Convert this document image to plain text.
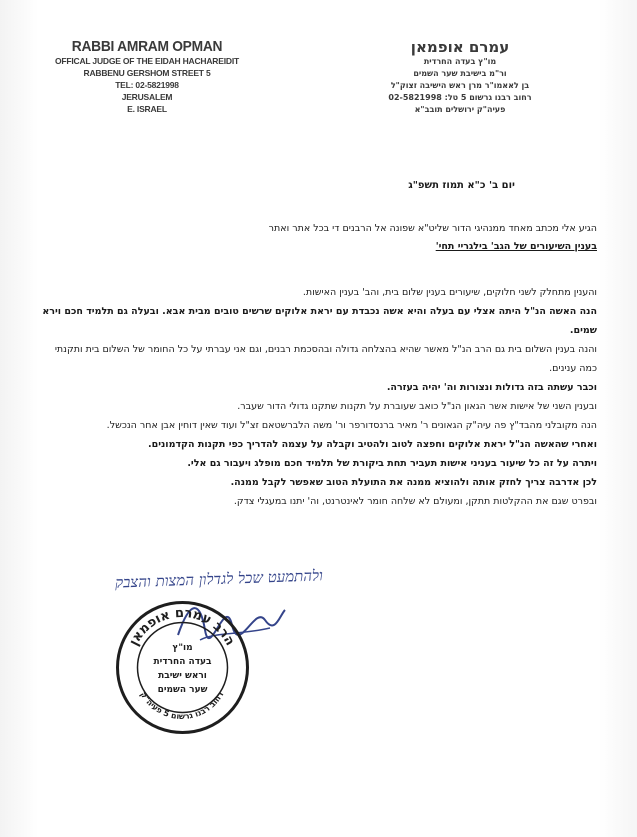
RABBI AMRAM OPMAN
OFFICAL JUDGE OF THE EIDAH HACHAREIDIT
RABBENU GERSHOM STREET 5
TEL: 02-5821998
JERUSALEM
E. ISRAEL
עמרם אופמאן
מו"ץ בעדה החרדית
ור"מ בישיבת שער השמים
בן לאאמו"ר מרן ראש הישיבה זצוק"ל
רחוב רבנו גרשום 5 טל: 02-5821998
פעיה"ק ירושלים תובב"א
יום ב' כ"א תמוז תשפ"ג
הגיע אלי מכתב מאחד ממנהיגי הדור שליט"א שפונה אל הרבנים די בכל אתר ואתר
בענין השיעורים של הגב' בילגריי תחי'

והענין מתחלק לשני חלוקים, שיעורים בענין שלום בית, והב' בענין האישות.

הנה האשה הנ"ל היתה אצלי עם בעלה והיא אשה נכבדת עם יראת אלוקים שרשים טובים מבית אבא. ובעלה גם תלמיד חכם וירא שמים.

והנה בענין השלום בית גם הרב הנ"ל מאשר שהיא בהצלחה גדולה ובהסכמת רבנים, וגם אני עברתי על כל החומר של השלום בית ותקנתי כמה ענינים.

וכבר עשתה בזה גדולות ונצורות וה' יהיה בעזרה.

ובענין השני של אישות אשר הגאון הנ"ל כואב שעוברת על תקנות שתקנו גדולי הדור שעבר.

הנה מקובלני מהבד"ץ פה עיה"ק הגאונים ר' מאיר ברנסדורפר ור' משה הלברשטאם זצ"ל ועוד שאין דוחין אבן אחר הנכשל.

ואחרי שהאשה הנ"ל יראת אלוקים וחפצה לטוב ולהטיב וקבלה על עצמה להדריך כפי תקנות הקדמונים.

ויתרה על זה כל שיעור בעניני אישות תעביר תחת ביקורת של תלמיד חכם מופלג ויעבור גם אלי.

לכן אדרבה צריך לחזק אותה ולהוציא ממנה את התועלת הטוב שאפשר לקבל ממנה.

ובפרט שגם את ההקלטות תתקן, ומעולם לא שלחה חומר לאינטרנט, וה' יתנו במעגלי צדק.

ולהתמעט שכל לגדלון המצות והצבק
הרב עמרם אופמאן
רחוב רבנו גרשום 5 פעיה"ק
מו"ץ
בעדה החרדית
וראש ישיבת
שער השמים
